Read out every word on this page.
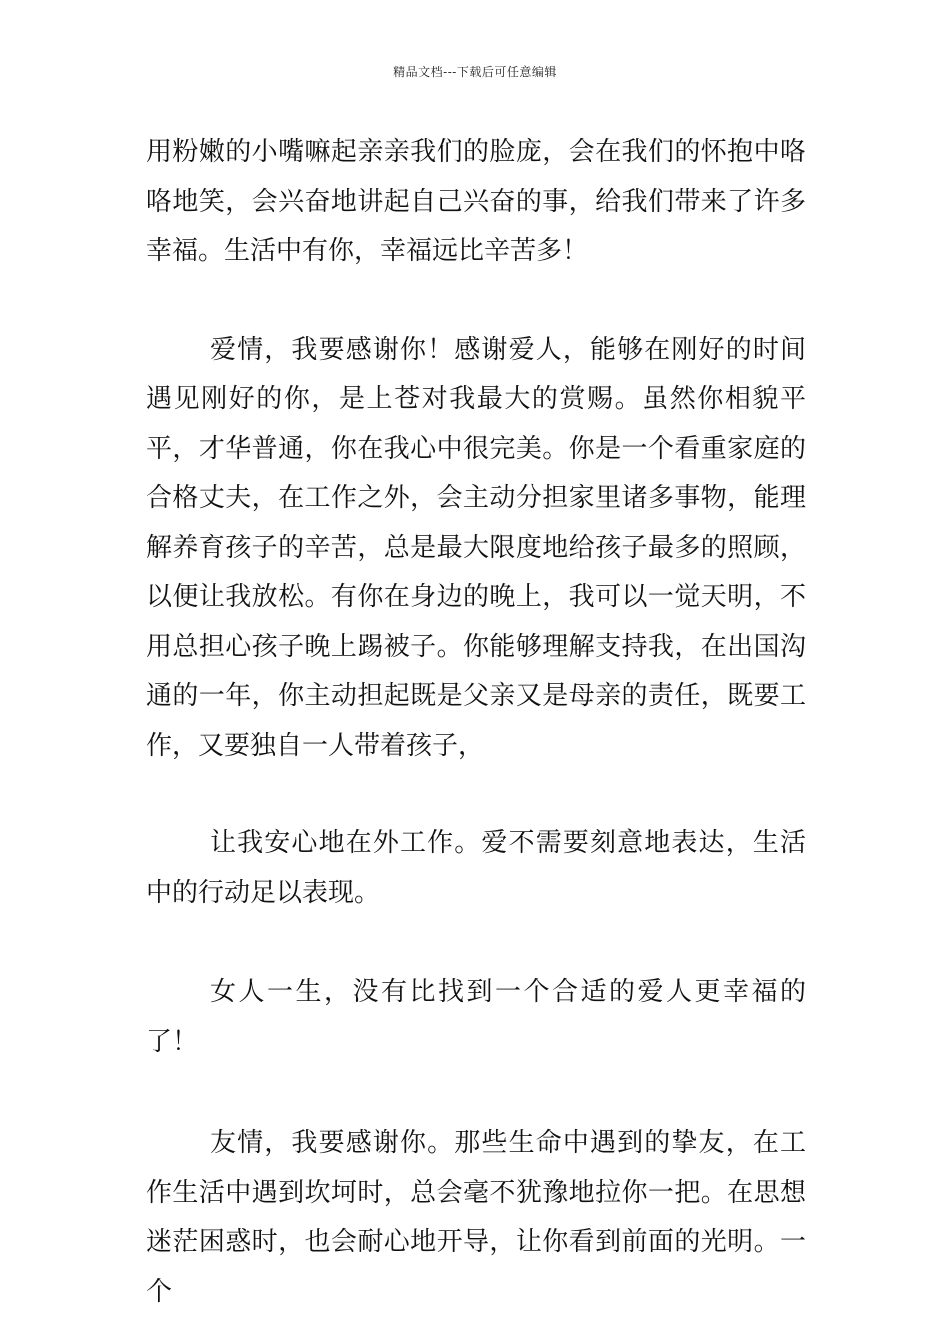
精品文档---下载后可任意编辑

用粉嫩的小嘴嘛起亲亲我们的脸庞，会在我们的怀抱中咯咯地笑，会兴奋地讲起自己兴奋的事，给我们带来了许多幸福。生活中有你，幸福远比辛苦多！

爱情，我要感谢你！感谢爱人，能够在刚好的时间遇见刚好的你，是上苍对我最大的赏赐。虽然你相貌平平，才华普通，你在我心中很完美。你是一个看重家庭的合格丈夫，在工作之外，会主动分担家里诸多事物，能理解养育孩子的辛苦，总是最大限度地给孩子最多的照顾，以便让我放松。有你在身边的晚上，我可以一觉天明，不用总担心孩子晚上踢被子。你能够理解支持我，在出国沟通的一年，你主动担起既是父亲又是母亲的责任，既要工作，又要独自一人带着孩子，

让我安心地在外工作。爱不需要刻意地表达，生活中的行动足以表现。

女人一生，没有比找到一个合适的爱人更幸福的了！

友情，我要感谢你。那些生命中遇到的挚友，在工作生活中遇到坎坷时，总会毫不犹豫地拉你一把。在思想迷茫困惑时，也会耐心地开导，让你看到前面的光明。一个
